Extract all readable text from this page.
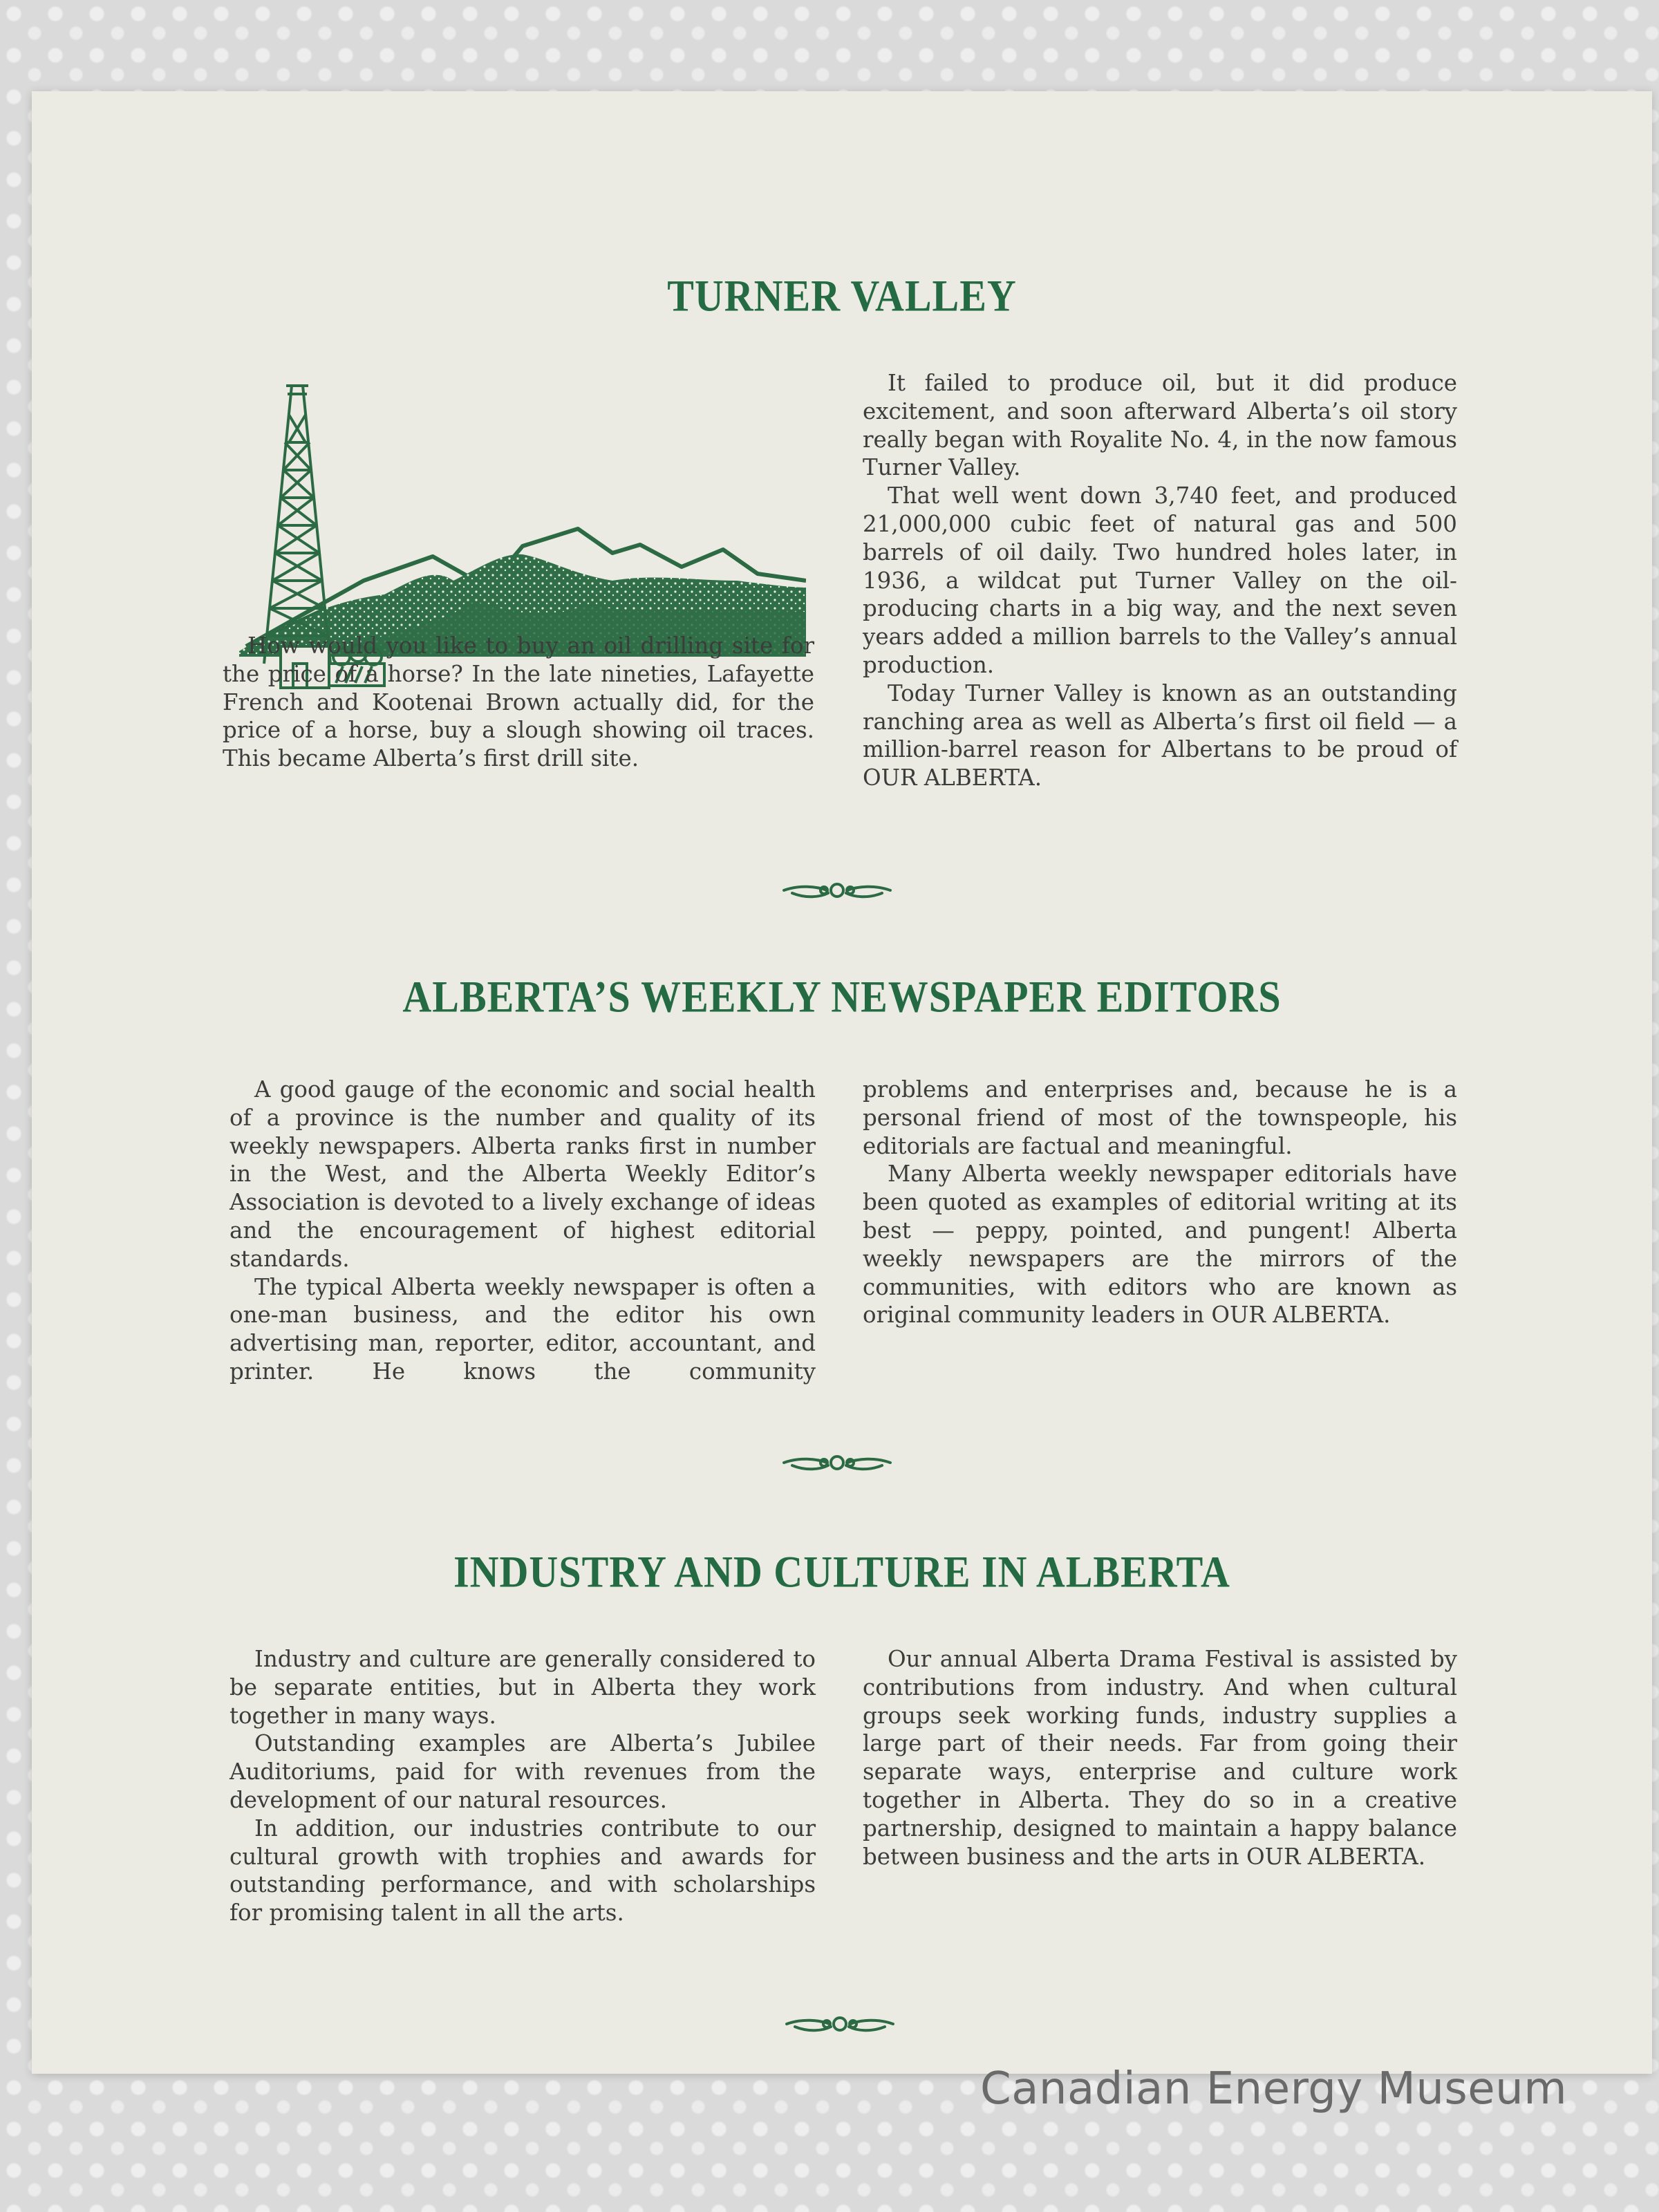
TURNER VALLEY

How would you like to buy an oil drilling site for the price of a horse? In the late nineties, Lafayette French and Kootenai Brown actually did, for the price of a horse, buy a slough showing oil traces. This became Alberta’s first drill site.

It failed to produce oil, but it did produce excitement, and soon afterward Alberta’s oil story really began with Royalite No. 4, in the now famous Turner Valley.

That well went down 3,740 feet, and produced 21,000,000 cubic feet of natural gas and 500 barrels of oil daily. Two hundred holes later, in 1936, a wildcat put Turner Valley on the oil-producing charts in a big way, and the next seven years added a million barrels to the Valley’s annual production.

Today Turner Valley is known as an outstanding ranching area as well as Alberta’s first oil field — a million-barrel reason for Albertans to be proud of OUR ALBERTA.

ALBERTA’S WEEKLY NEWSPAPER EDITORS

A good gauge of the economic and social health of a province is the number and quality of its weekly newspapers. Alberta ranks first in number in the West, and the Alberta Weekly Editor’s Association is devoted to a lively exchange of ideas and the encouragement of highest editorial standards.

The typical Alberta weekly newspaper is often a one-man business, and the editor his own advertising man, reporter, editor, accountant, and printer. He knows the community

problems and enterprises and, because he is a personal friend of most of the townspeople, his editorials are factual and meaningful.

Many Alberta weekly newspaper editorials have been quoted as examples of editorial writing at its best — peppy, pointed, and pungent! Alberta weekly newspapers are the mirrors of the communities, with editors who are known as original community leaders in OUR ALBERTA.

INDUSTRY AND CULTURE IN ALBERTA

Industry and culture are generally considered to be separate entities, but in Alberta they work together in many ways.

Outstanding examples are Alberta’s Jubilee Auditoriums, paid for with revenues from the development of our natural resources.

In addition, our industries contribute to our cultural growth with trophies and awards for outstanding performance, and with scholarships for promising talent in all the arts.

Our annual Alberta Drama Festival is assisted by contributions from industry. And when cultural groups seek working funds, industry supplies a large part of their needs. Far from going their separate ways, enterprise and culture work together in Alberta. They do so in a creative partnership, designed to maintain a happy balance between business and the arts in OUR ALBERTA.

Canadian Energy Museum
